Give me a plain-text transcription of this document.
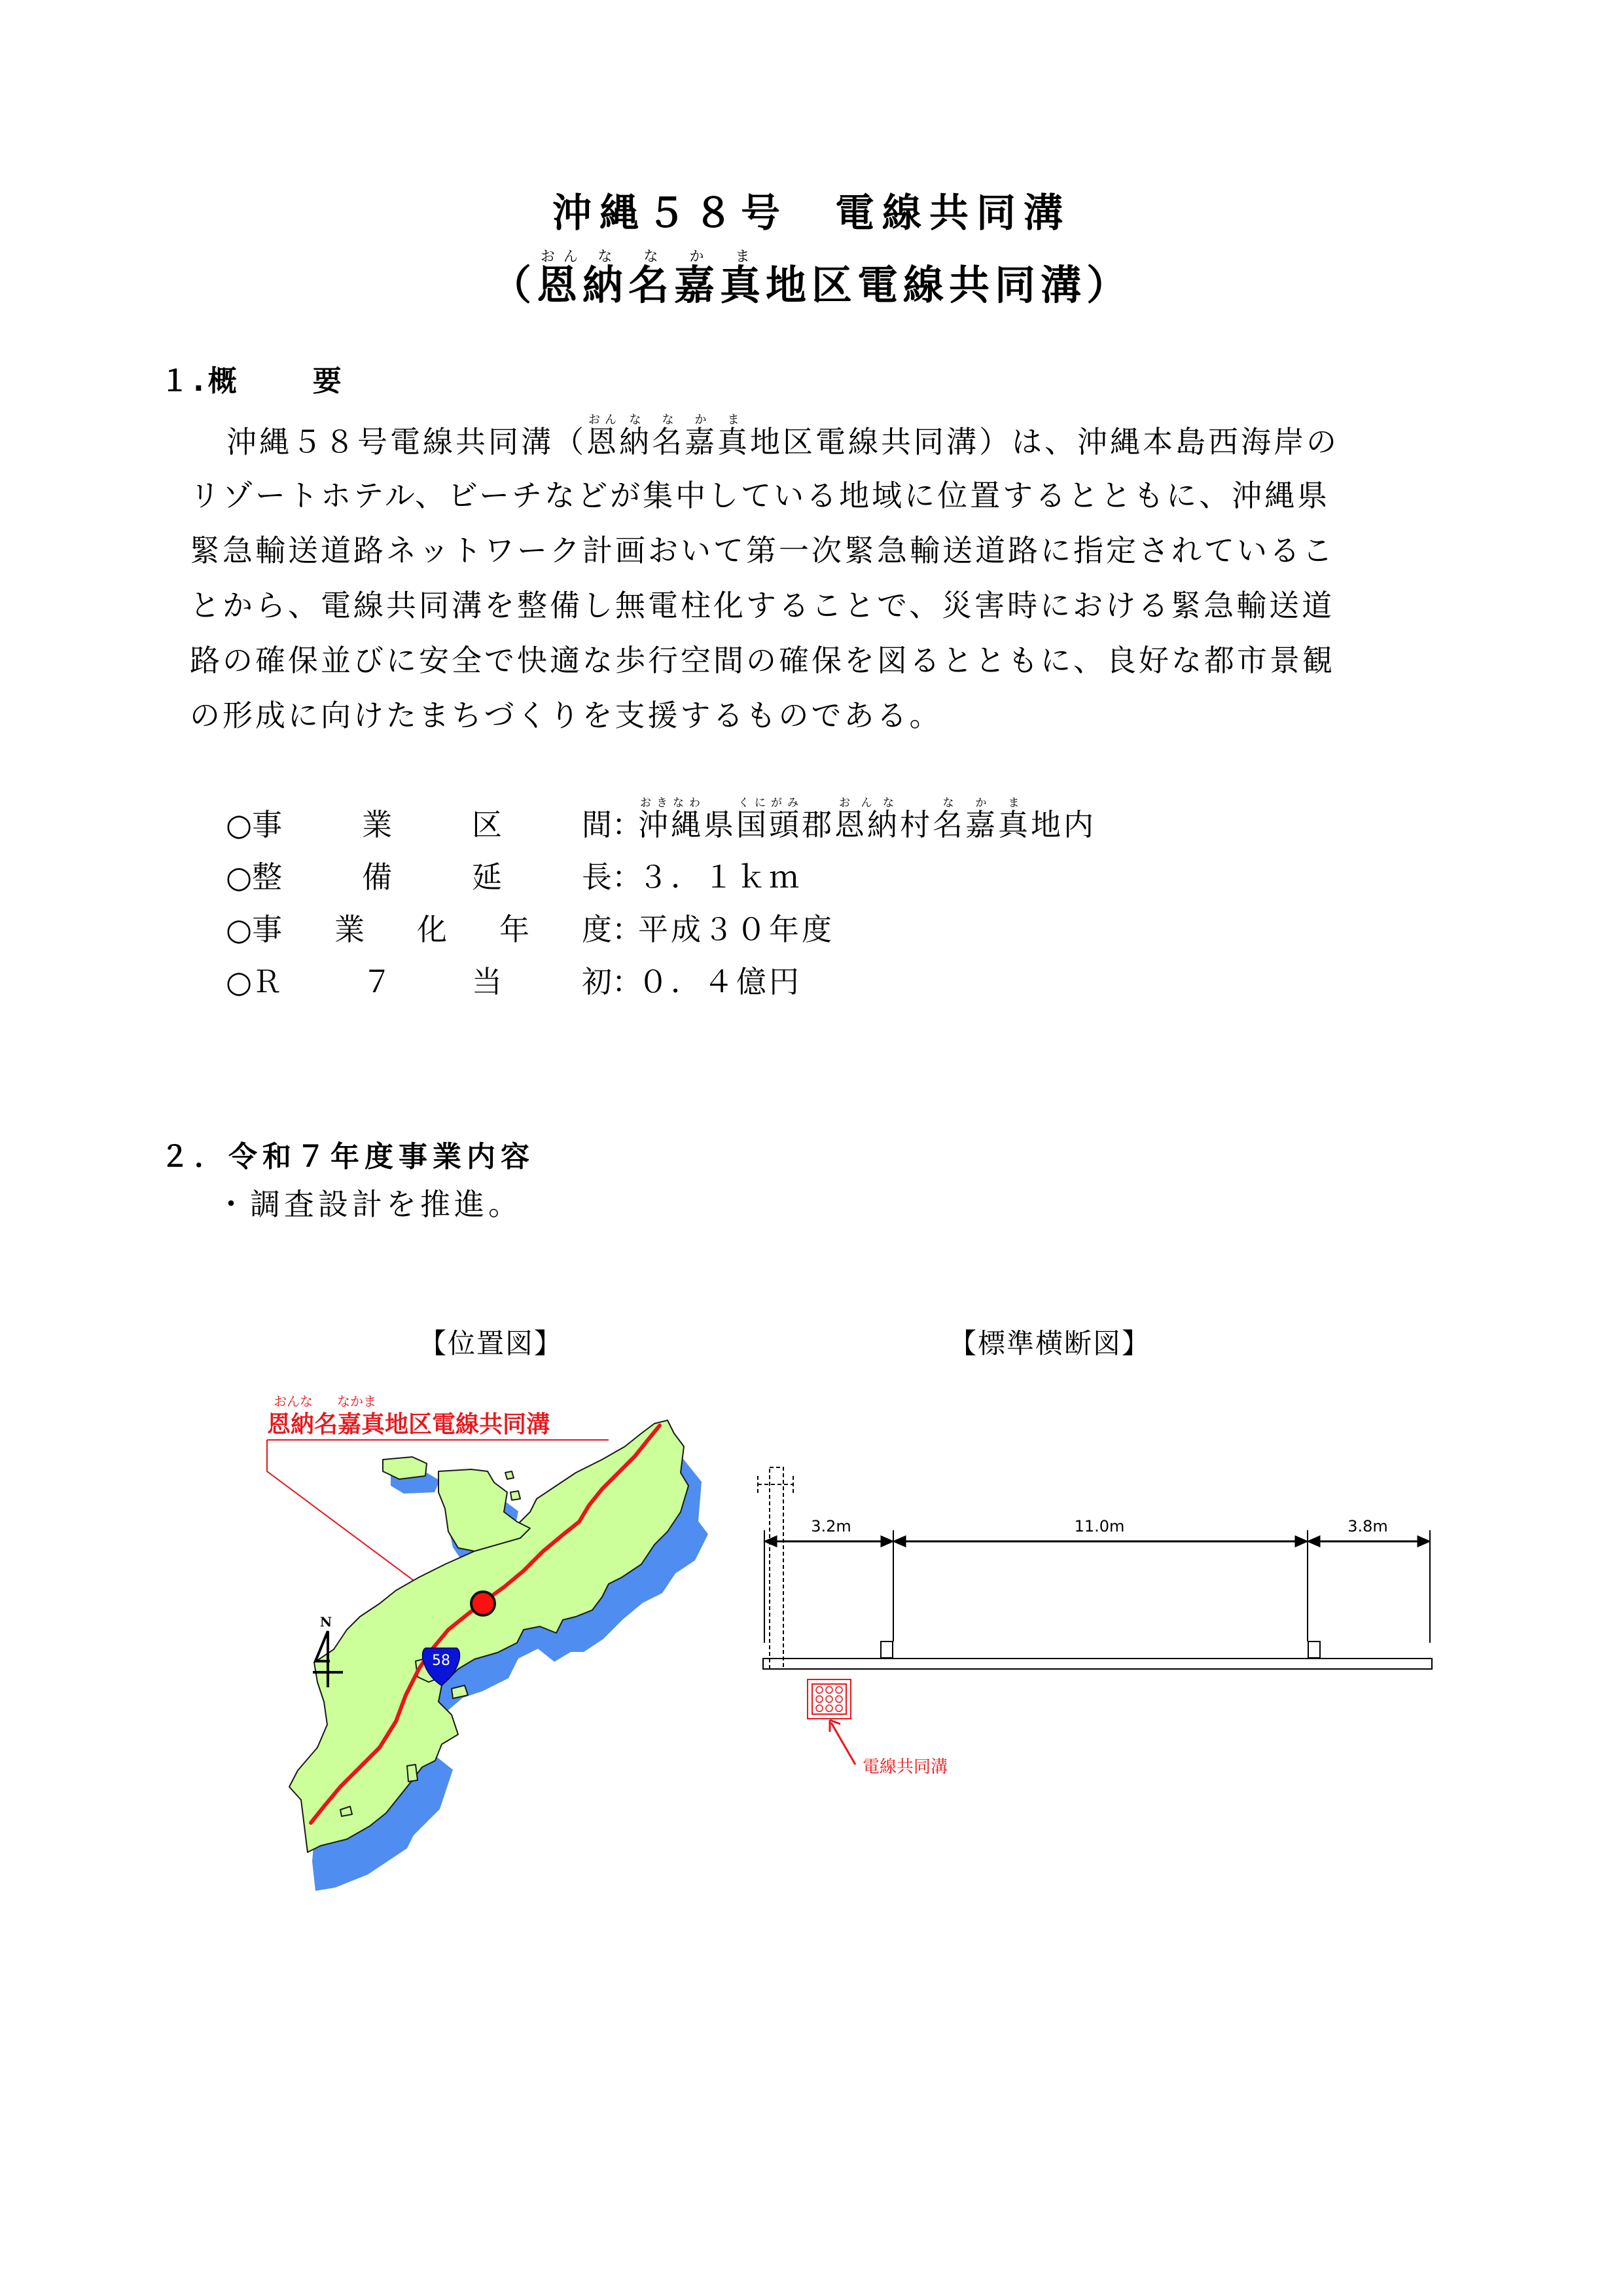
沖縄５８号　電線共同溝
（恩おん納な名な嘉か真ま地区電線共同溝）
１.概	要
沖縄５８号電線共同溝（恩おん納な名な嘉か真ま地区電線共同溝）は、沖縄本島西海岸の
リゾートホテル、ビーチなどが集中している地域に位置するとともに、沖縄県
緊急輸送道路ネットワーク計画おいて第一次緊急輸送道路に指定されているこ
とから、電線共同溝を整備し無電柱化することで、災害時における緊急輸送道
路の確保並びに安全で快適な歩行空間の確保を図るとともに、良好な都市景観
の形成に向けたまちづくりを支援するものである。
○事	業	区	間 ：
沖縄おきなわ県国頭くにがみ郡恩納おんな村名嘉真なかま地内
○整	備	延	長 ：
３．１ｋｍ
○事 業 化 年 度 ：
平成３０年度
○Ｒ	７	当	初 ：
０．４億円
２．令和７年度事業内容
・調査設計を推進。
【位置図】	【標準横断図】
おんな なかま
恩納名嘉真地区電線共同溝
58
N
3.2m	11.0m	3.8m
電線共同溝
